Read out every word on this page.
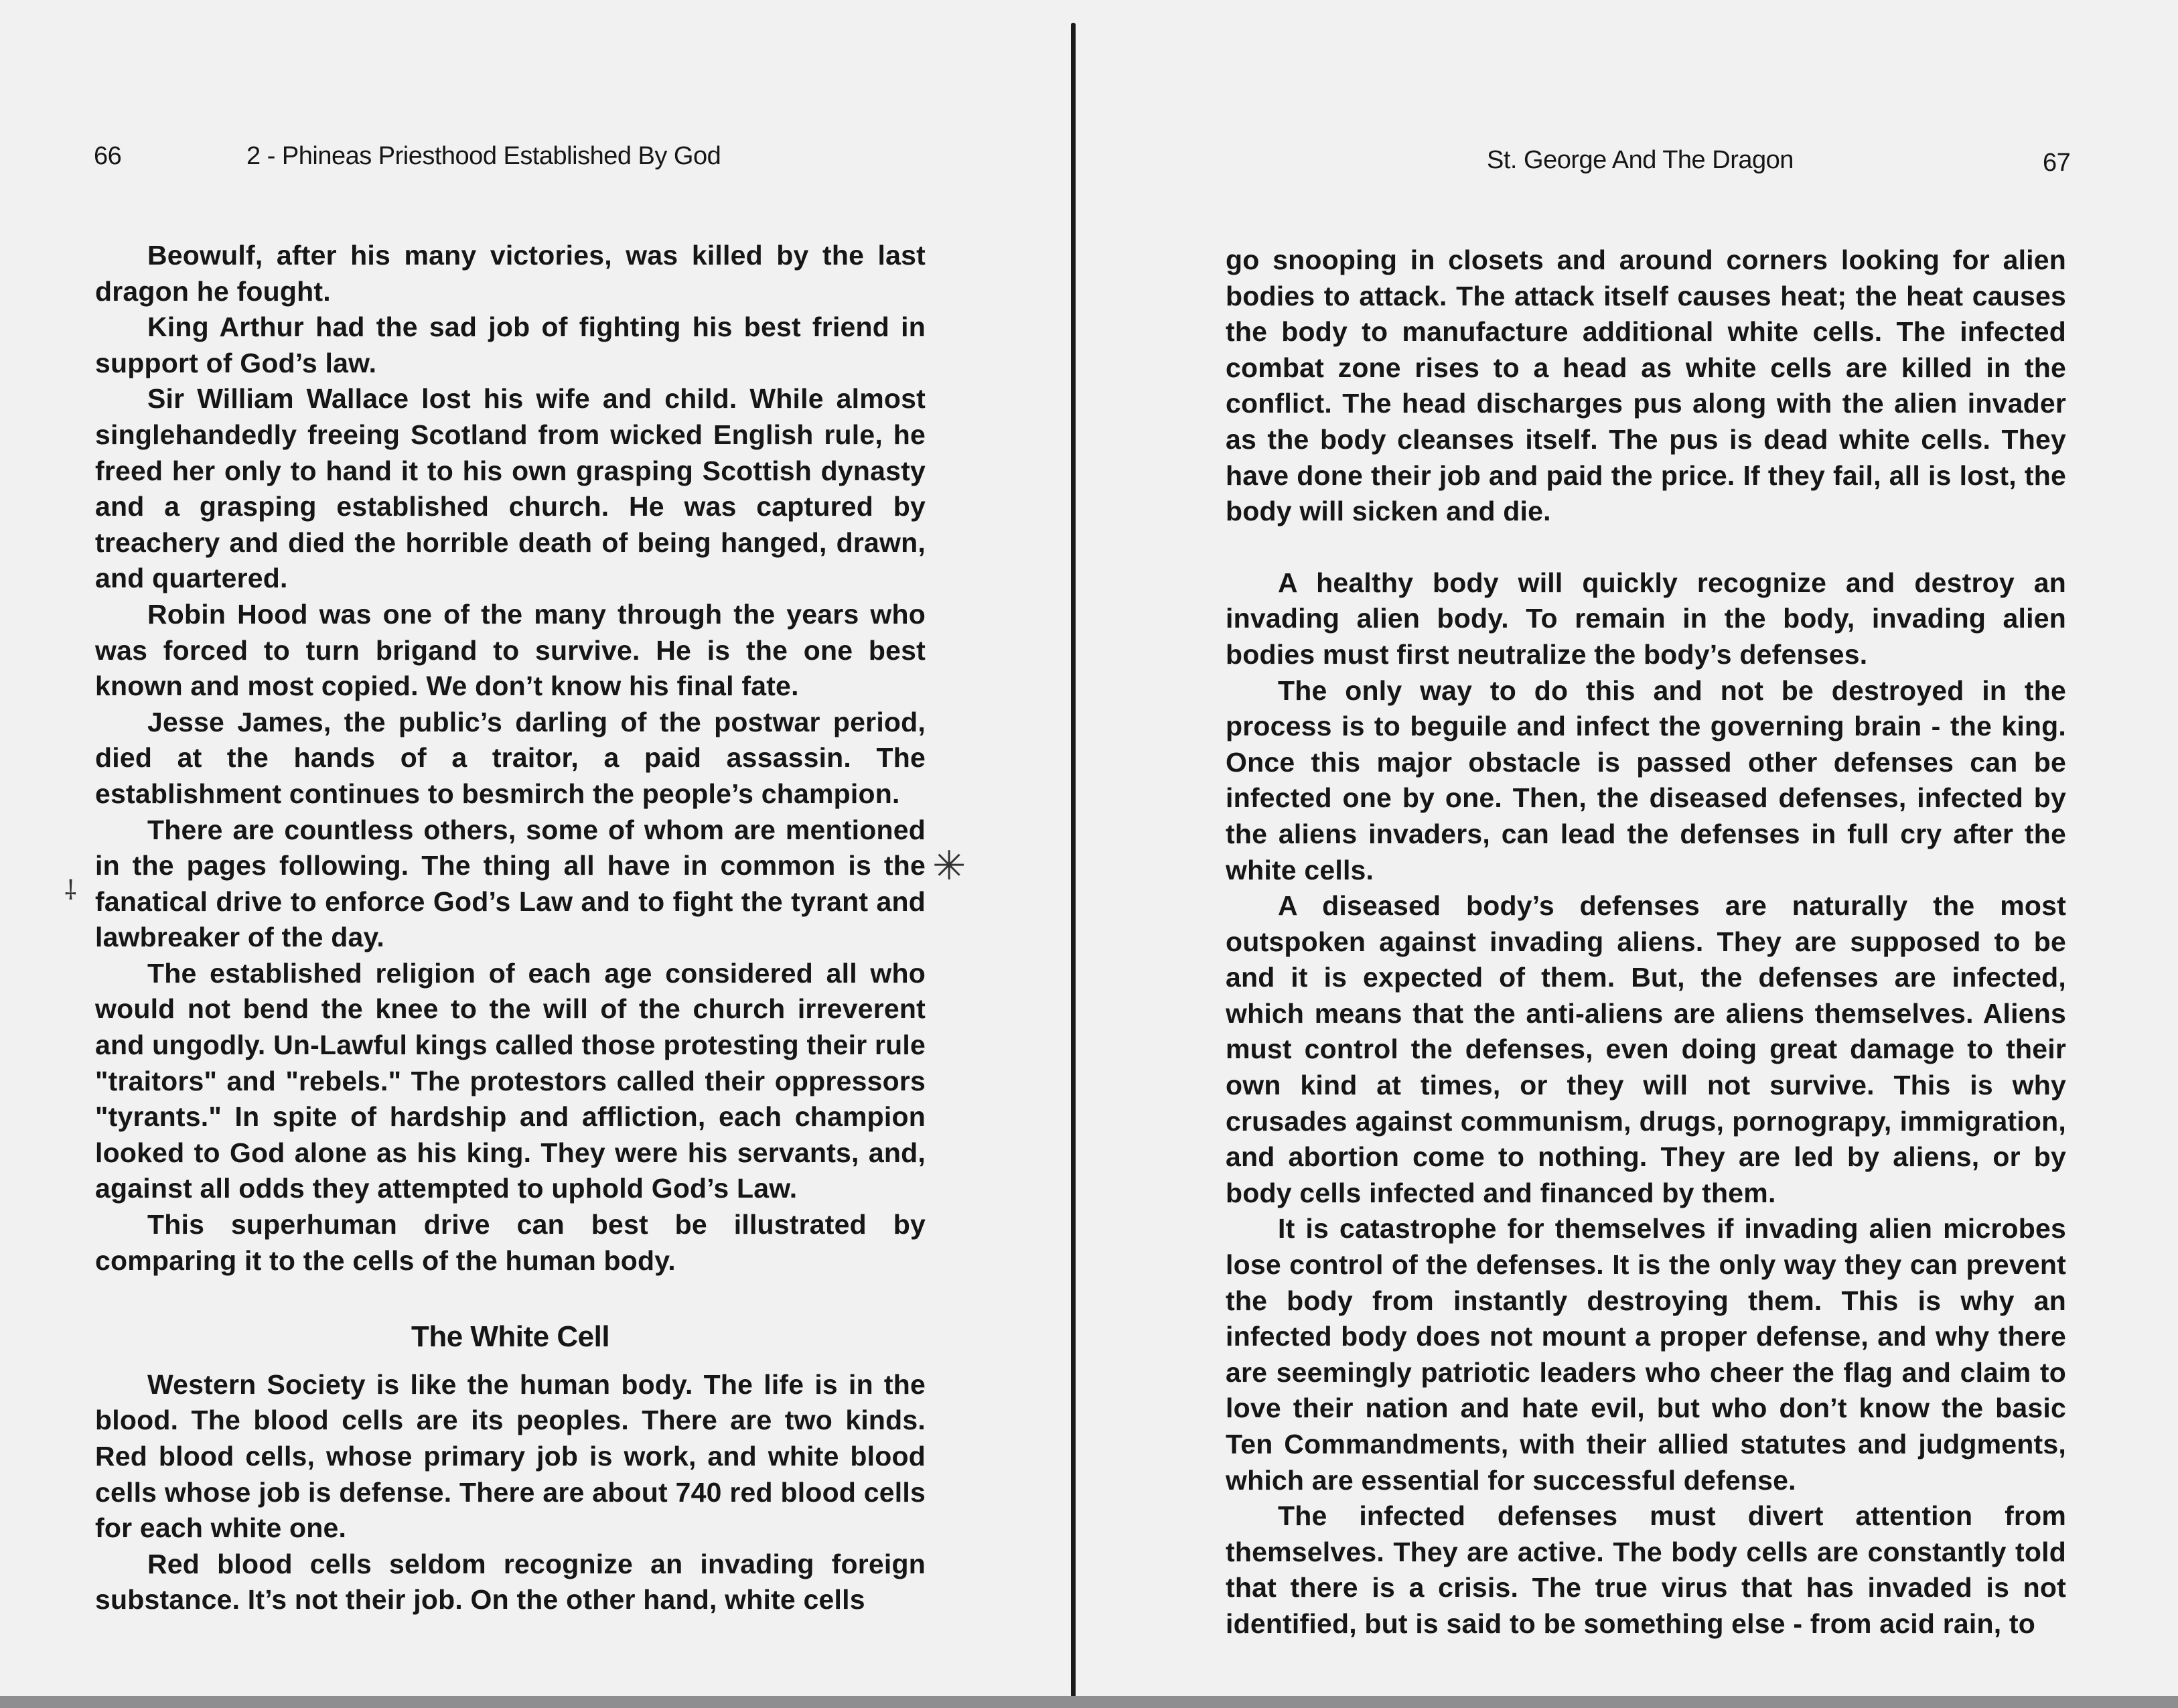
66	2 - Phineas Priesthood Established By God

Beowulf, after his many victories, was killed by the last dragon he fought.

King Arthur had the sad job of fighting his best friend in support of God’s law.

Sir William Wallace lost his wife and child. While almost singlehandedly freeing Scotland from wicked English rule, he freed her only to hand it to his own grasping Scottish dynasty and a grasping established church. He was captured by treachery and died the horrible death of being hanged, drawn, and quartered.

Robin Hood was one of the many through the years who was forced to turn brigand to survive. He is the one best known and most copied. We don’t know his final fate.

Jesse James, the public’s darling of the postwar period, died at the hands of a traitor, a paid assassin. The establishment continues to besmirch the people’s champion.

There are countless others, some of whom are mentioned in the pages following. The thing all have in common is the fanatical drive to enforce God’s Law and to fight the tyrant and lawbreaker of the day.

The established religion of each age considered all who would not bend the knee to the will of the church irreverent and ungodly. Un-Lawful kings called those protesting their rule "traitors" and "rebels." The protestors called their oppressors "tyrants." In spite of hardship and affliction, each champion looked to God alone as his king. They were his servants, and, against all odds they attempted to uphold God’s Law.

This superhuman drive can best be illustrated by comparing it to the cells of the human body.

The White Cell

Western Society is like the human body. The life is in the blood. The blood cells are its peoples. There are two kinds. Red blood cells, whose primary job is work, and white blood cells whose job is defense. There are about 740 red blood cells for each white one.

Red blood cells seldom recognize an invading foreign substance. It’s not their job. On the other hand, white cells

✳
⸸
St. George And The Dragon	67

go snooping in closets and around corners looking for alien bodies to attack. The attack itself causes heat; the heat causes the body to manufacture additional white cells. The infected combat zone rises to a head as white cells are killed in the conflict. The head discharges pus along with the alien invader as the body cleanses itself. The pus is dead white cells. They have done their job and paid the price. If they fail, all is lost, the body will sicken and die.

A healthy body will quickly recognize and destroy an invading alien body. To remain in the body, invading alien bodies must first neutralize the body’s defenses.

The only way to do this and not be destroyed in the process is to beguile and infect the governing brain - the king. Once this major obstacle is passed other defenses can be infected one by one. Then, the diseased defenses, infected by the aliens invaders, can lead the defenses in full cry after the white cells.

A diseased body’s defenses are naturally the most outspoken against invading aliens. They are supposed to be and it is expected of them. But, the defenses are infected, which means that the anti-aliens are aliens themselves. Aliens must control the defenses, even doing great damage to their own kind at times, or they will not survive. This is why crusades against communism, drugs, pornograpy, immigration, and abortion come to nothing. They are led by aliens, or by body cells infected and financed by them.

It is catastrophe for themselves if invading alien microbes lose control of the defenses. It is the only way they can prevent the body from instantly destroying them. This is why an infected body does not mount a proper defense, and why there are seemingly patriotic leaders who cheer the flag and claim to love their nation and hate evil, but who don’t know the basic Ten Commandments, with their allied statutes and judgments, which are essential for successful defense.

The infected defenses must divert attention from themselves. They are active. The body cells are constantly told that there is a crisis. The true virus that has invaded is not identified, but is said to be something else - from acid rain, to
